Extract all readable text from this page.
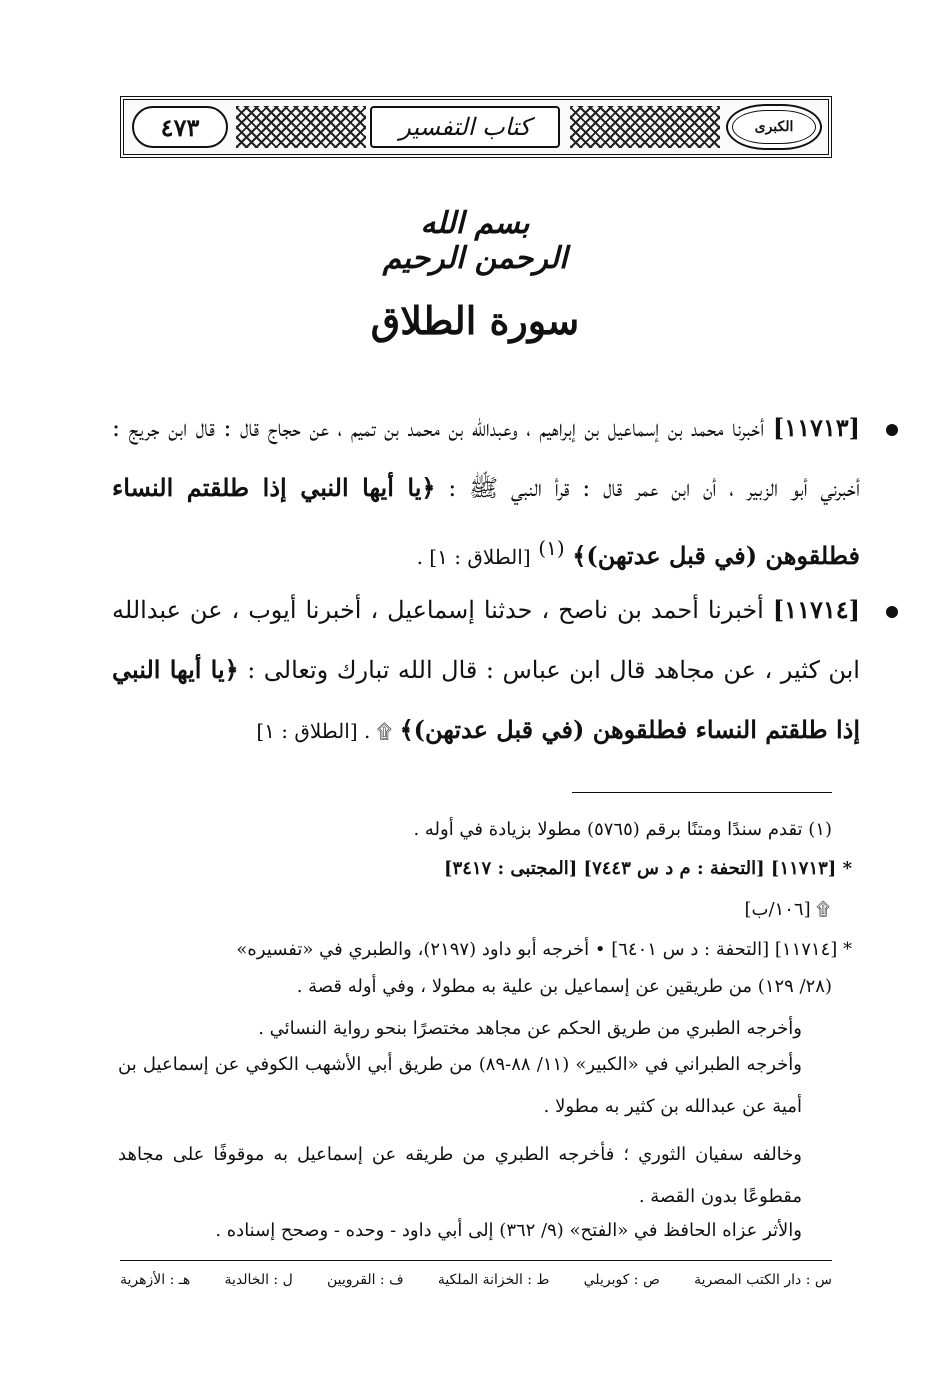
الكبرى
كتاب التفسير
٤٧٣
بسم الله الرحمن الرحيم
سورة الطلاق
[١١٧١٣] أخبرنا محمد بن إسماعيل بن إبراهيم ، وعبدالله بن محمد بن تميم ، عن حجاج قال : قال ابن جريج : أخبرني أبو الزبير ، أن ابن عمر قال : قرأ النبي ﷺ : ﴿يا أيها النبي إذا طلقتم النساء فطلقوهن (في قبل عدتهن)﴾ $^{(١)}$ [الطلاق : ١] .
[١١٧١٤] أخبرنا أحمد بن ناصح ، حدثنا إسماعيل ، أخبرنا أيوب ، عن عبدالله ابن كثير ، عن مجاهد قال ابن عباس : قال الله تبارك وتعالى : ﴿يا أيها النبي إذا طلقتم النساء فطلقوهن (في قبل عدتهن)﴾ ۩ . [الطلاق : ١]
(١) تقدم سندًا ومتنًا برقم (٥٧٦٥) مطولا بزيادة في أوله .
* [١١٧١٣] [التحفة : م د س ٧٤٤٣] [المجتبى : ٣٤١٧]
۩ [١٠٦/ب]
* [١١٧١٤] [التحفة : د س ٦٤٠١] • أخرجه أبو داود (٢١٩٧)، والطبري في «تفسيره»
(٢٨/ ١٢٩) من طريقين عن إسماعيل بن علية به مطولا ، وفي أوله قصة .
وأخرجه الطبري من طريق الحكم عن مجاهد مختصرًا بنحو رواية النسائي .
وأخرجه الطبراني في «الكبير» (١١/ ٨٨-٨٩) من طريق أبي الأشهب الكوفي عن إسماعيل بن أمية عن عبدالله بن كثير به مطولا .
وخالفه سفيان الثوري ؛ فأخرجه الطبري من طريقه عن إسماعيل به موقوفًا على مجاهد مقطوعًا بدون القصة .
والأثر عزاه الحافظ في «الفتح» (٩/ ٣٦٢) إلى أبي داود - وحده - وصحح إسناده .
س : دار الكتب المصرية
ص : كوبريلي
ط : الخزانة الملكية
ف : القرويين
ل : الخالدية
هـ : الأزهرية
